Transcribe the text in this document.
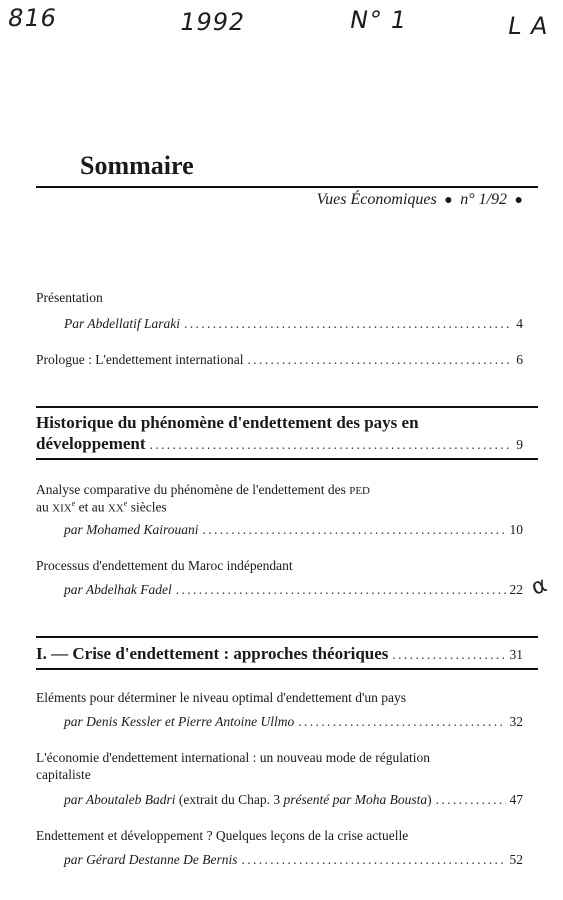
816	1992	N° 1	L A
Sommaire
Vues Économiques  ●  n° 1/92  ●
Présentation
Par Abdellatif Laraki . . .	4
Prologue : L'endettement international . . .	6
Historique du phénomène d'endettement des pays en
développement . . .	9
Analyse comparative du phénomène de l'endettement des PED
au XIXe et au XXe siècles
par Mohamed Kairouani . . .	10
Processus d'endettement du Maroc indépendant
par Abdelhak Fadel . . .	22 α
I. — Crise d'endettement : approches théoriques . . .	31
Eléments pour déterminer le niveau optimal d'endettement d'un pays
par Denis Kessler et Pierre Antoine Ullmo . . .	32
L'économie d'endettement international : un nouveau mode de régulation
capitaliste
par Aboutaleb Badri
(extrait du Chap. 3
présenté par Moha Bousta ) . . .	47
Endettement et développement ? Quelques leçons de la crise actuelle
par Gérard Destanne De Bernis . . .	52
